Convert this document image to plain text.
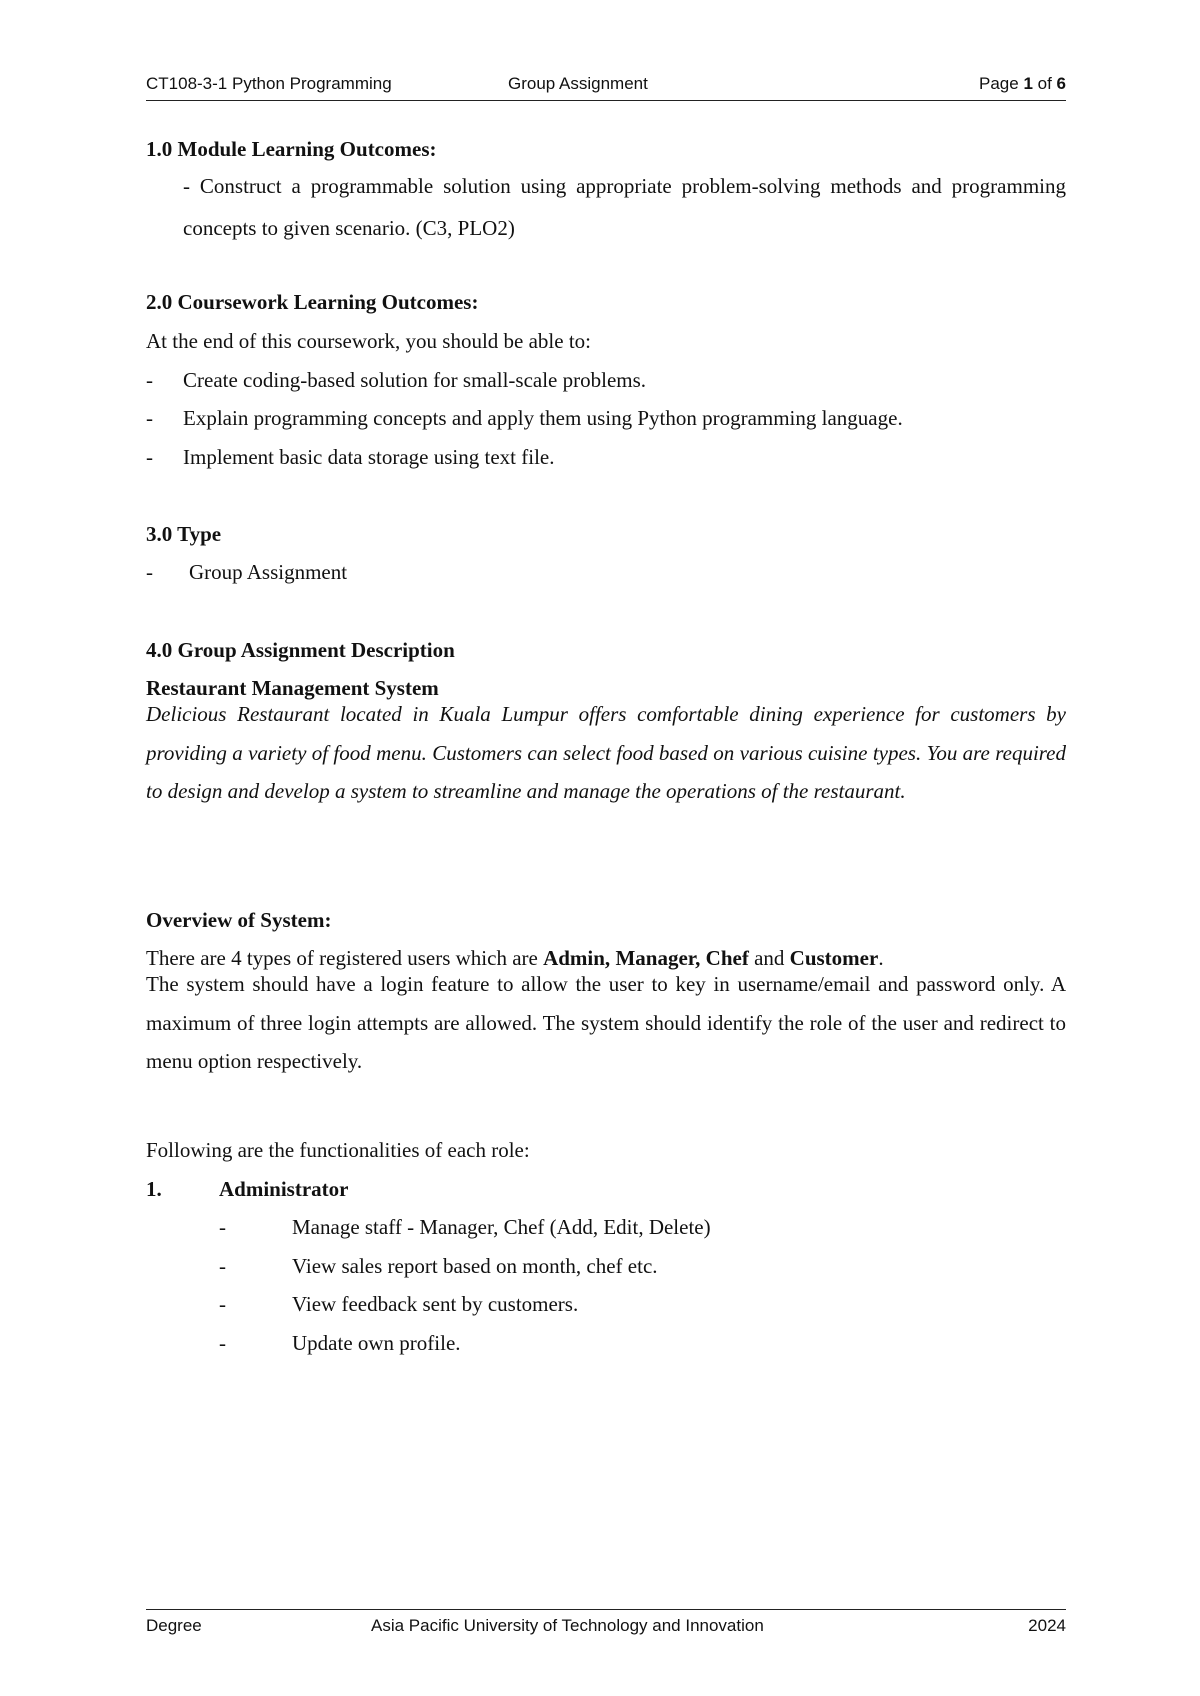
CT108-3-1 Python Programming	Group Assignment	Page 1 of 6
1.0 Module Learning Outcomes:
- Construct a programmable solution using appropriate problem-solving methods and programming concepts to given scenario. (C3, PLO2)
2.0 Coursework Learning Outcomes:
At the end of this coursework, you should be able to:
- Create coding-based solution for small-scale problems.
- Explain programming concepts and apply them using Python programming language.
- Implement basic data storage using text file.
3.0 Type
- Group Assignment
4.0 Group Assignment Description
Restaurant Management System
Delicious Restaurant located in Kuala Lumpur offers comfortable dining experience for customers by providing a variety of food menu. Customers can select food based on various cuisine types. You are required to design and develop a system to streamline and manage the operations of the restaurant.
Overview of System:
There are 4 types of registered users which are Admin, Manager, Chef and Customer.
The system should have a login feature to allow the user to key in username/email and password only. A maximum of three login attempts are allowed. The system should identify the role of the user and redirect to menu option respectively.
Following are the functionalities of each role:
1.	Administrator
-	Manage staff - Manager, Chef (Add, Edit, Delete)
-	View sales report based on month, chef etc.
-	View feedback sent by customers.
-	Update own profile.
Degree	Asia Pacific University of Technology and Innovation	2024
